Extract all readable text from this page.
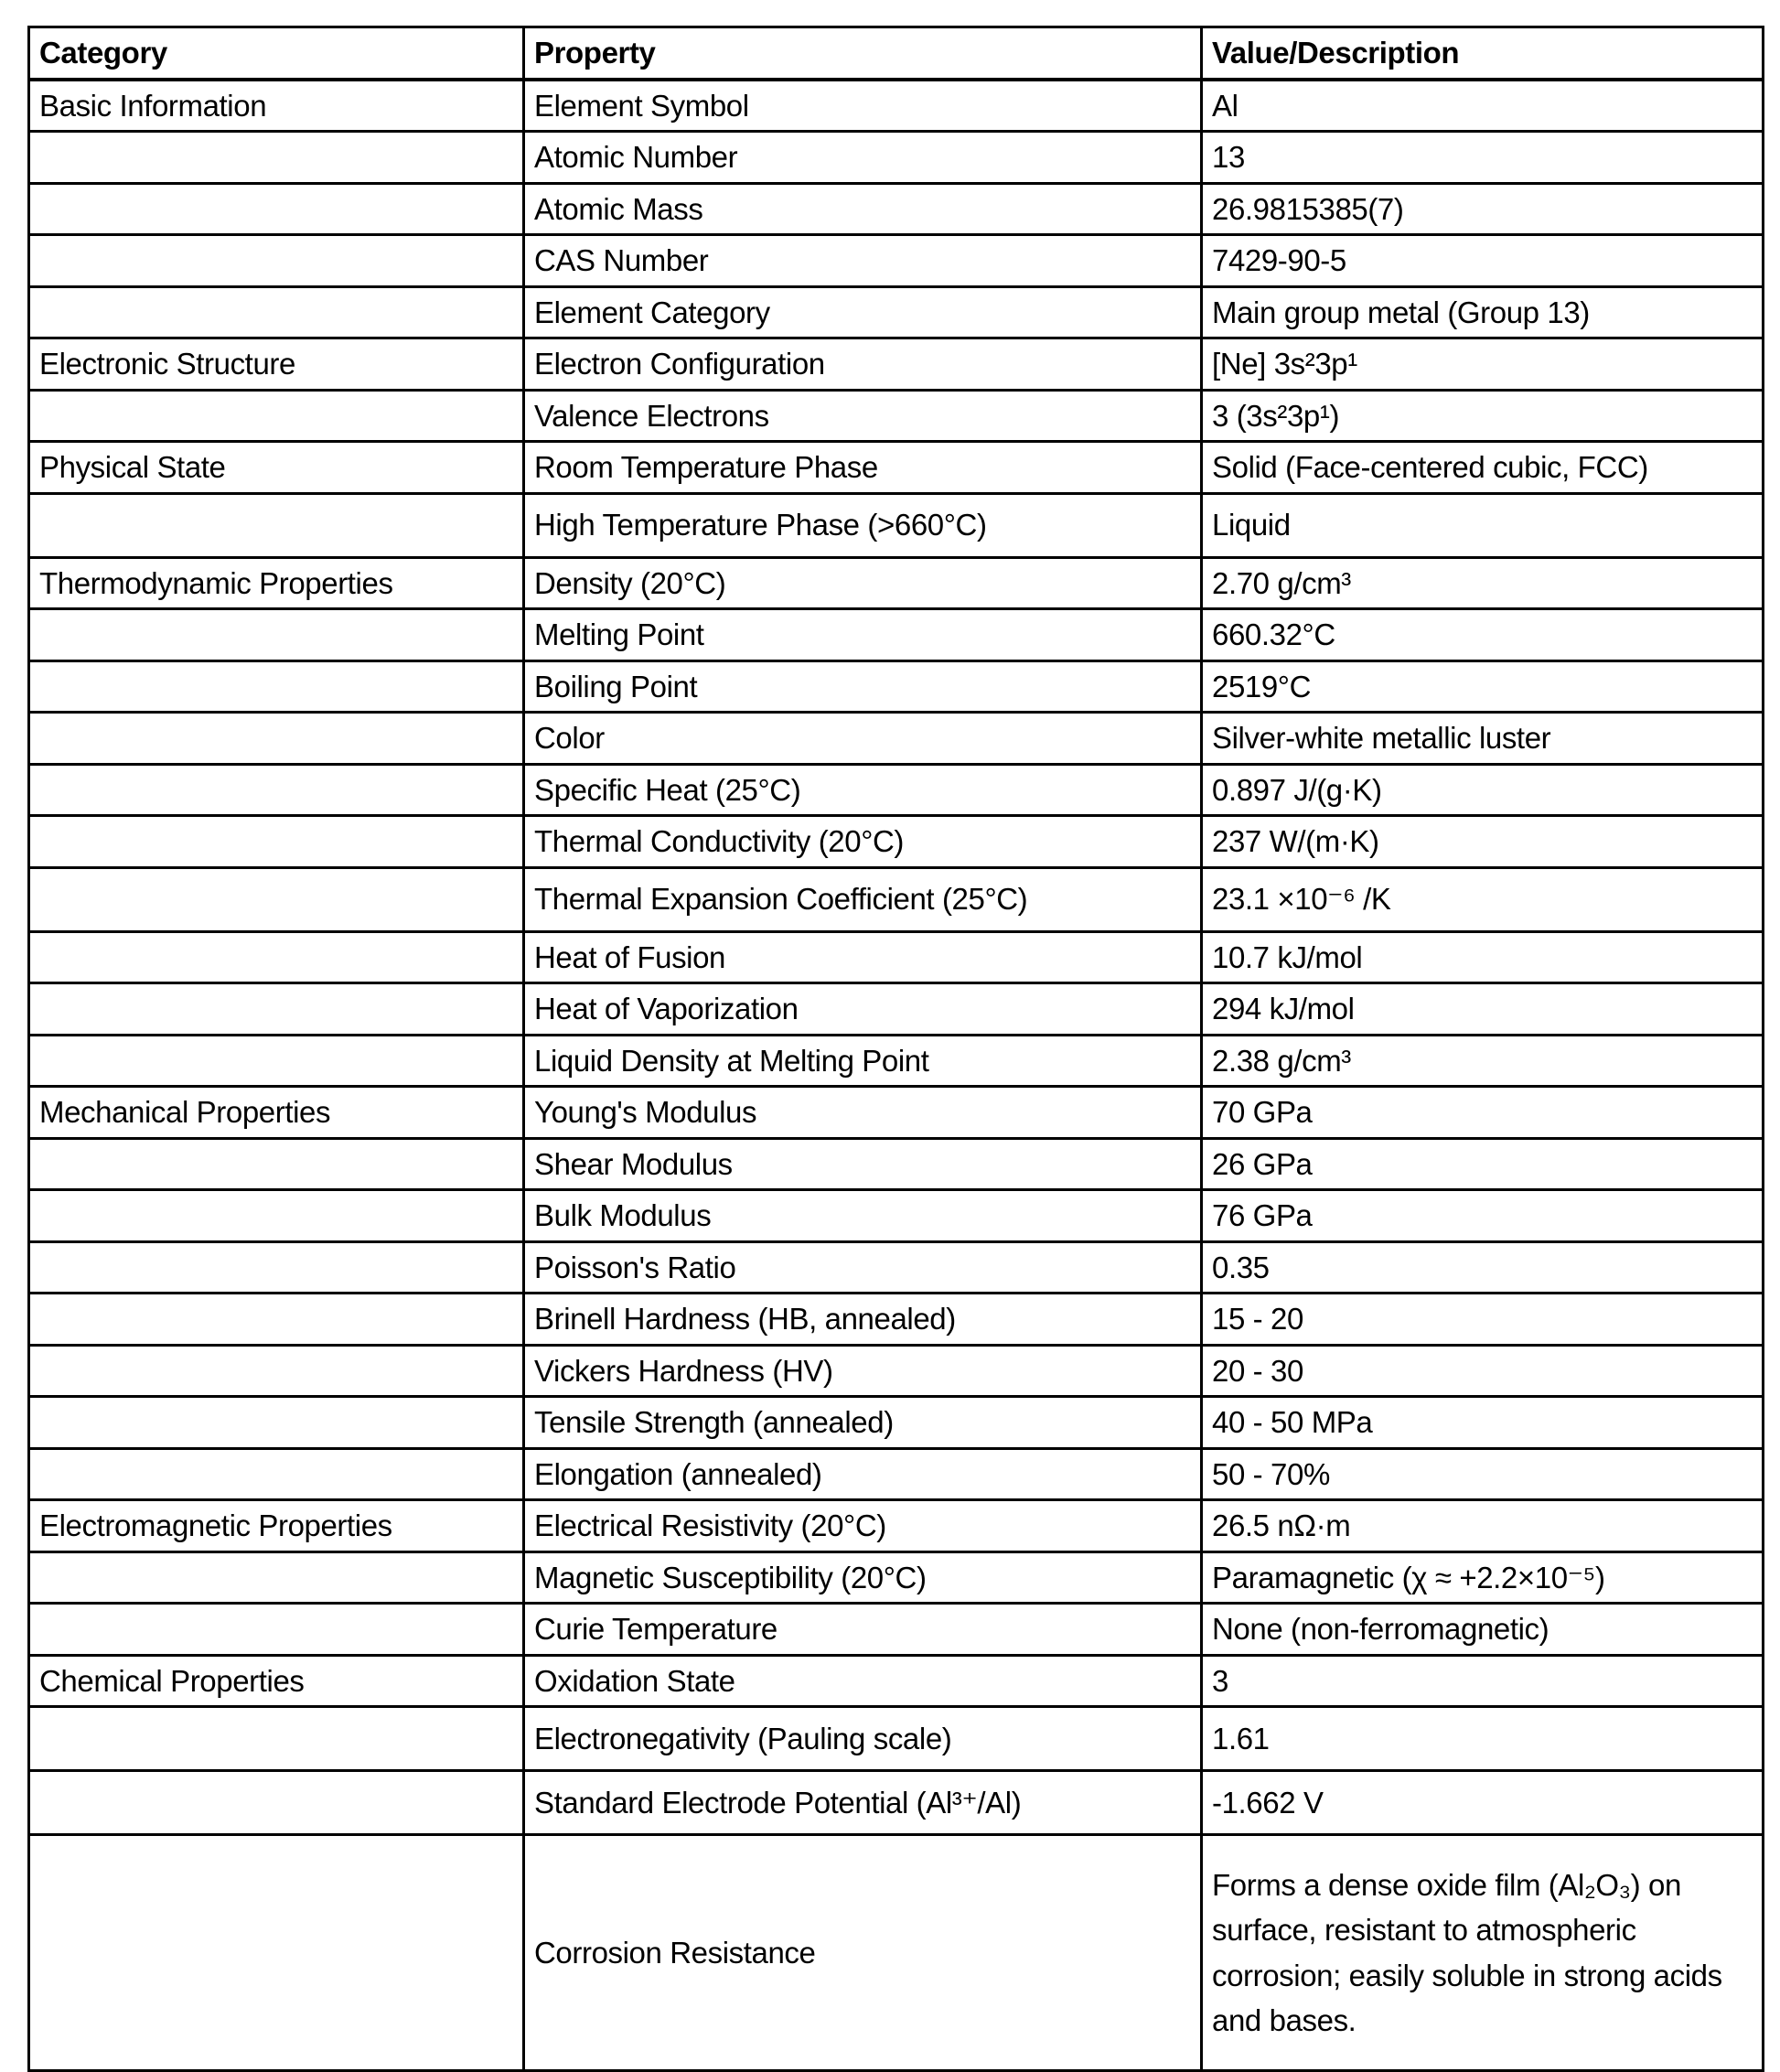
Category	Property	Value/Description
Basic Information	Element Symbol	Al
	Atomic Number	13
	Atomic Mass	26.9815385(7)
	CAS Number	7429-90-5
	Element Category	Main group metal (Group 13)
Electronic Structure	Electron Configuration	[Ne] 3s²3p¹
	Valence Electrons	3 (3s²3p¹)
Physical State	Room Temperature Phase	Solid (Face-centered cubic, FCC)
	High Temperature Phase (>660°C)	Liquid
Thermodynamic Properties	Density (20°C)	2.70 g/cm³
	Melting Point	660.32°C
	Boiling Point	2519°C
	Color	Silver-white metallic luster
	Specific Heat (25°C)	0.897 J/(g·K)
	Thermal Conductivity (20°C)	237 W/(m·K)
	Thermal Expansion Coefficient (25°C)	23.1 ×10⁻⁶ /K
	Heat of Fusion	10.7 kJ/mol
	Heat of Vaporization	294 kJ/mol
	Liquid Density at Melting Point	2.38 g/cm³
Mechanical Properties	Young's Modulus	70 GPa
	Shear Modulus	26 GPa
	Bulk Modulus	76 GPa
	Poisson's Ratio	0.35
	Brinell Hardness (HB, annealed)	15 - 20
	Vickers Hardness (HV)	20 - 30
	Tensile Strength (annealed)	40 - 50 MPa
	Elongation (annealed)	50 - 70%
Electromagnetic Properties	Electrical Resistivity (20°C)	26.5 nΩ·m
	Magnetic Susceptibility (20°C)	Paramagnetic (χ ≈ +2.2×10⁻⁵)
	Curie Temperature	None (non-ferromagnetic)
Chemical Properties	Oxidation State	3
	Electronegativity (Pauling scale)	1.61
	Standard Electrode Potential (Al³⁺/Al)	-1.662 V
	Corrosion Resistance	Forms a dense oxide film (Al₂O₃) on surface, resistant to atmospheric corrosion; easily soluble in strong acids and bases.
